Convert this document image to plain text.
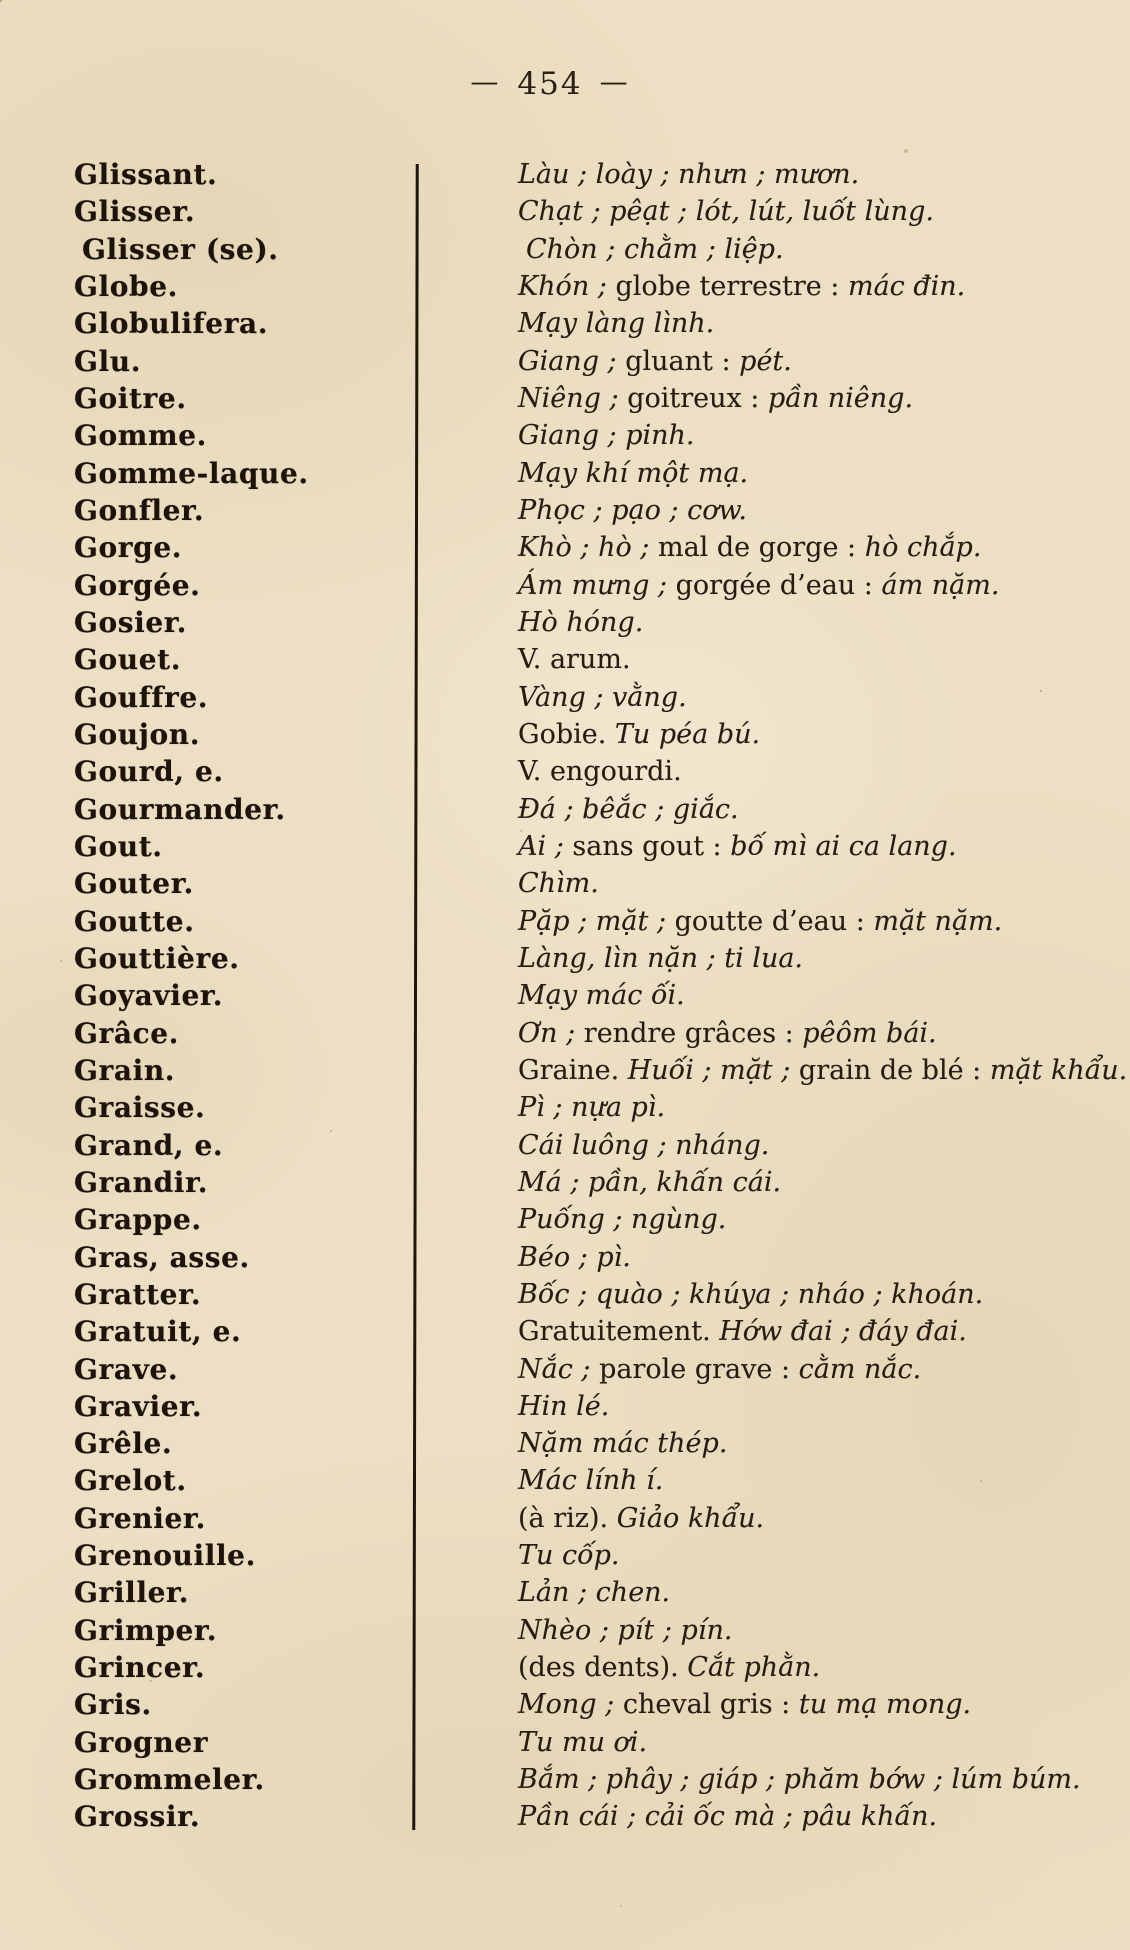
— 454 —
Glissant.	Làu ; loày ; nhưn ; mươn.
Glisser.	Chạt ; pêạt ; lót, lút, luốt lùng.
Glisser (se).	Chòn ; chằm ; liệp.
Globe.	Khón ; globe terrestre : mác đin.
Globulifera.	Mạy làng lình.
Glu.	Giang ; gluant : pét.
Goitre.	Niêng ; goitreux : pần niêng.
Gomme.	Giang ; pinh.
Gomme-laque.	Mạy khí một mạ.
Gonfler.	Phọc ; pạo ; cơw.
Gorge.	Khò ; hò ; mal de gorge : hò chắp.
Gorgée.	Ám mưng ; gorgée d’eau : ám nặm.
Gosier.	Hò hóng.
Gouet.	V. arum.
Gouffre.	Vàng ; vằng.
Goujon.	Gobie. Tu péa bú.
Gourd, e.	V. engourdi.
Gourmander.	Đá ; bêắc ; giắc.
Gout.	Ai ; sans gout : bố mì ai ca lang.
Gouter.	Chìm.
Goutte.	Pặp ; mặt ; goutte d’eau : mặt nặm.
Gouttière.	Làng, lìn nặn ; ti lua.
Goyavier.	Mạy mác ối.
Grâce.	Ơn ; rendre grâces : pêôm bái.
Grain.	Graine. Huối ; mặt ; grain de blé : mặt khẩu.
Graisse.	Pì ; nựa pì.
Grand, e.	Cái luông ; nháng.
Grandir.	Má ; pần, khấn cái.
Grappe.	Puống ; ngùng.
Gras, asse.	Béo ; pì.
Gratter.	Bốc ; quào ; khúya ; nháo ; khoán.
Gratuit, e.	Gratuitement. Hớw đai ; đáy đai.
Grave.	Nắc ; parole grave : cằm nắc.
Gravier.	Hin lé.
Grêle.	Nặm mác thép.
Grelot.	Mác lính í.
Grenier.	(à riz). Giảo khẩu.
Grenouille.	Tu cốp.
Griller.	Lản ; chen.
Grimper.	Nhèo ; pít ; pín.
Grincer.	(des dents). Cắt phằn.
Gris.	Mong ; cheval gris : tu mạ mong.
Grogner	Tu mu ơi.
Grommeler.	Bắm ; phây ; giáp ; phăm bớw ; lúm búm.
Grossir.	Pần cái ; cải ốc mà ; pâu khấn.
